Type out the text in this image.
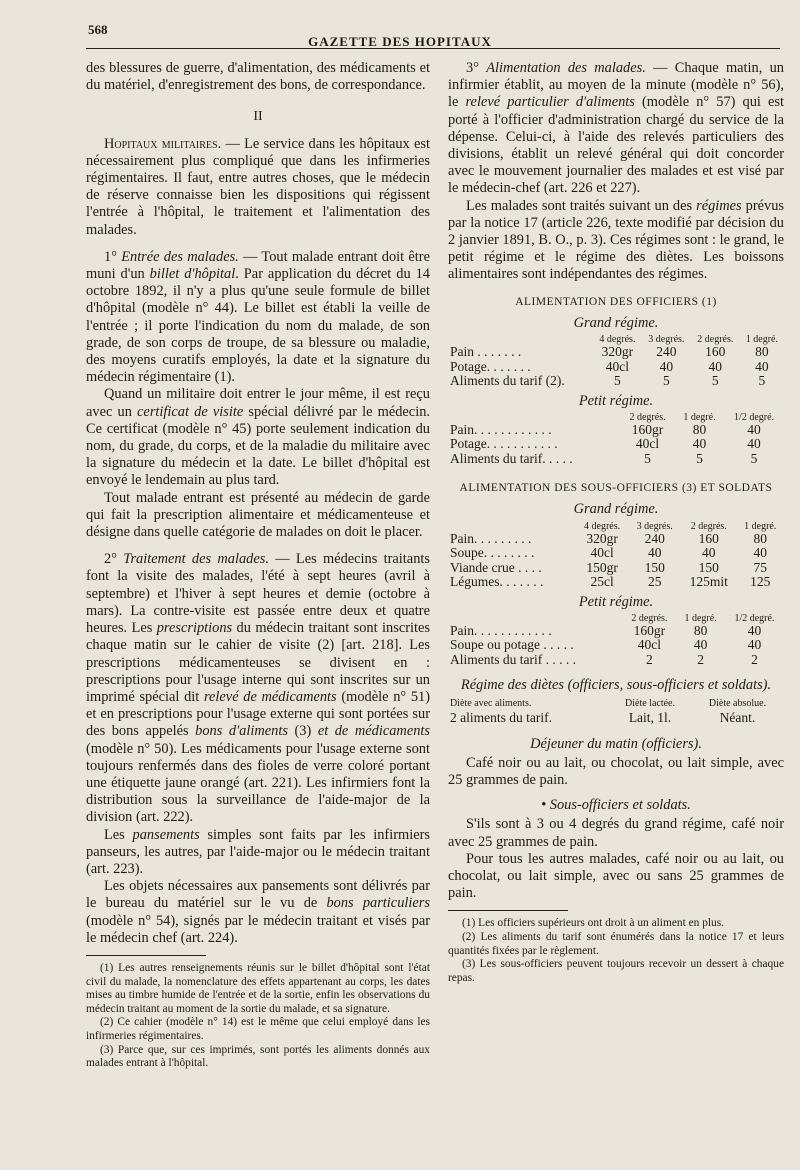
568
GAZETTE DES HOPITAUX

des blessures de guerre, d'alimentation, des médicaments et du matériel, d'enregistrement des bons, de correspondance.

II

Hopitaux militaires. — Le service dans les hôpitaux est nécessairement plus compliqué que dans les infirmeries régimentaires. Il faut, entre autres choses, que le médecin de réserve connaisse bien les dispositions qui régissent l'entrée à l'hôpital, le traitement et l'alimentation des malades.

1° Entrée des malades. — Tout malade entrant doit être muni d'un billet d'hôpital. Par application du décret du 14 octobre 1892, il n'y a plus qu'une seule formule de billet d'hôpital (modèle n° 44). Le billet est établi la veille de l'entrée ; il porte l'indication du nom du malade, de son grade, de son corps de troupe, de sa blessure ou maladie, des moyens curatifs employés, la date et la signature du médecin régimentaire (1).

Quand un militaire doit entrer le jour même, il est reçu avec un certificat de visite spécial délivré par le médecin. Ce certificat (modèle n° 45) porte seulement indication du nom, du grade, du corps, et de la maladie du militaire avec la signature du médecin et la date. Le billet d'hôpital est envoyé le lendemain au plus tard.

Tout malade entrant est présenté au médecin de garde qui fait la prescription alimentaire et médicamenteuse et désigne dans quelle catégorie de malades on doit le placer.

2° Traitement des malades. — Les médecins traitants font la visite des malades, l'été à sept heures (avril à septembre) et l'hiver à sept heures et demie (octobre à mars). La contre-visite est passée entre deux et quatre heures. Les prescriptions du médecin traitant sont inscrites chaque matin sur le cahier de visite (2) [art. 218]. Les prescriptions médicamenteuses se divisent en : prescriptions pour l'usage interne qui sont inscrites sur un imprimé spécial dit relevé de médicaments (modèle n° 51) et en prescriptions pour l'usage externe qui sont portées sur des bons appelés bons d'aliments (3) et de médicaments (modèle n° 50). Les médicaments pour l'usage externe sont toujours renfermés dans des fioles de verre coloré portant une étiquette jaune orangé (art. 221). Les infirmiers font la distribution sous la surveillance de l'aide-major de la division (art. 222).

Les pansements simples sont faits par les infirmiers panseurs, les autres, par l'aide-major ou le médecin traitant (art. 223).

Les objets nécessaires aux pansements sont délivrés par le bureau du matériel sur le vu de bons particuliers (modèle n° 54), signés par le médecin traitant et visés par le médecin chef (art. 224).

(1) Les autres renseignements réunis sur le billet d'hôpital sont l'état civil du malade, la nomenclature des effets appartenant au corps, les dates mises au timbre humide de l'entrée et de la sortie, enfin les observations du médecin traitant au moment de la sortie du malade, et sa signature.

(2) Ce cahier (modèle n° 14) est le même que celui employé dans les infirmeries régimentaires.

(3) Parce que, sur ces imprimés, sont portés les aliments donnés aux malades entrant à l'hôpital.

3° Alimentation des malades. — Chaque matin, un infirmier établit, au moyen de la minute (modèle n° 56), le relevé particulier d'aliments (modèle n° 57) qui est porté à l'officier d'administration chargé du service de la dépense. Celui-ci, à l'aide des relevés particuliers des divisions, établit un relevé général qui doit concorder avec le mouvement journalier des malades et est visé par le médecin-chef (art. 226 et 227).

Les malades sont traités suivant un des régimes prévus par la notice 17 (article 226, texte modifié par décision du 2 janvier 1891, B. O., p. 3). Ces régimes sont : le grand, le petit régime et le régime des diètes. Les boissons alimentaires sont indépendantes des régimes.

ALIMENTATION DES OFFICIERS (1)
Grand régime.
	4 degrés.	3 degrés.	2 degrés.	1 degré.
Pain . . . . . . .	320gr	240	160	80
Potage. . . . . . .	40cl	40	40	40
Aliments du tarif (2).	5	5	5	5
Petit régime.
	2 degrés.	1 degré.	1/2 degré.
Pain. . . . . . . . . . . .	160gr	80	40
Potage. . . . . . . . . . .	40cl	40	40
Aliments du tarif. . . . .	5	5	5
ALIMENTATION DES SOUS-OFFICIERS (3) ET SOLDATS
Grand régime.
	4 degrés.	3 degrés.	2 degrés.	1 degré.
Pain. . . . . . . . .	320gr	240	160	80
Soupe. . . . . . . .	40cl	40	40	40
Viande crue . . . .	150gr	150	150	75
Légumes. . . . . . .	25cl	25	125mit	125
Petit régime.
	2 degrés.	1 degré.	1/2 degré.
Pain. . . . . . . . . . . .	160gr	80	40
Soupe ou potage . . . . .	40cl	40	40
Aliments du tarif . . . . .	2	2	2
Régime des diètes (officiers, sous-officiers et soldats).
Diète avec aliments.	Diète lactée.	Diète absolue.
2 aliments du tarif.	Lait, 1l.	Néant.
Déjeuner du matin (officiers).

Café noir ou au lait, ou chocolat, ou lait simple, avec 25 grammes de pain.

• Sous-officiers et soldats.

S'ils sont à 3 ou 4 degrés du grand régime, café noir avec 25 grammes de pain.

Pour tous les autres malades, café noir ou au lait, ou chocolat, ou lait simple, avec ou sans 25 grammes de pain.

(1) Les officiers supérieurs ont droit à un aliment en plus.

(2) Les aliments du tarif sont énumérés dans la notice 17 et leurs quantités fixées par le règlement.

(3) Les sous-officiers peuvent toujours recevoir un dessert à chaque repas.
